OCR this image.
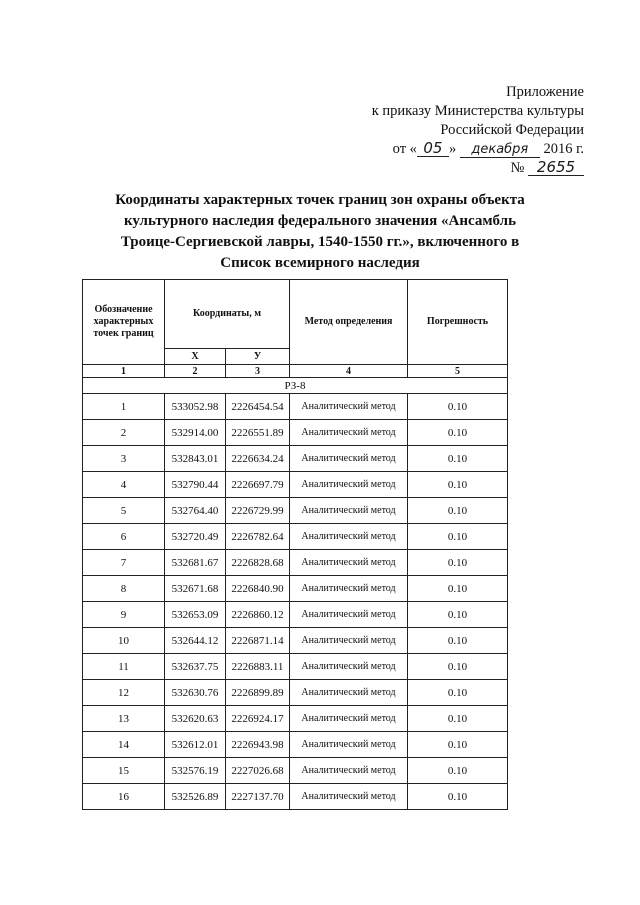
Приложение
к приказу Министерства культуры
Российской Федерации
от « 05 » декабря 2016 г.
№ 2655
Координаты характерных точек границ зон охраны объекта
культурного наследия федерального значения «Ансамбль
Троице-Сергиевской лавры, 1540-1550 гг.», включенного в
Список всемирного наследия
Обозначение характерных точек границ	Координаты, м		Метод определения	Погрешность
	X	У		
1	2	3	4	5
РЗ-8				
1	533052.98	2226454.54	Аналитический метод	0.10
2	532914.00	2226551.89	Аналитический метод	0.10
3	532843.01	2226634.24	Аналитический метод	0.10
4	532790.44	2226697.79	Аналитический метод	0.10
5	532764.40	2226729.99	Аналитический метод	0.10
6	532720.49	2226782.64	Аналитический метод	0.10
7	532681.67	2226828.68	Аналитический метод	0.10
8	532671.68	2226840.90	Аналитический метод	0.10
9	532653.09	2226860.12	Аналитический метод	0.10
10	532644.12	2226871.14	Аналитический метод	0.10
11	532637.75	2226883.11	Аналитический метод	0.10
12	532630.76	2226899.89	Аналитический метод	0.10
13	532620.63	2226924.17	Аналитический метод	0.10
14	532612.01	2226943.98	Аналитический метод	0.10
15	532576.19	2227026.68	Аналитический метод	0.10
16	532526.89	2227137.70	Аналитический метод	0.10
